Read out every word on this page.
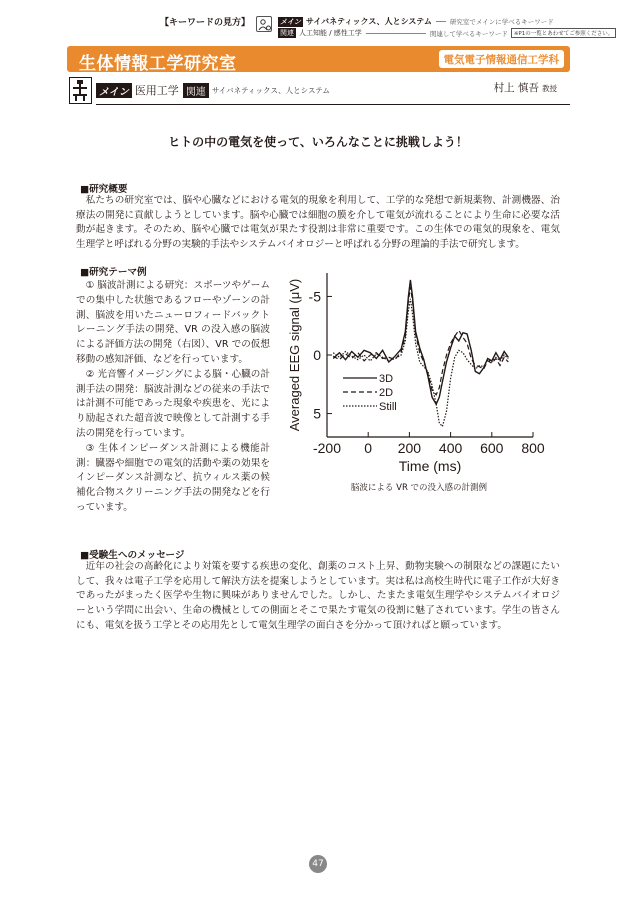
【キーワードの見方】	メイン サイバネティックス、人とシステム	研究室でメインに学べるキーワード
関連 人工知能 / 感性工学	関連して学べるキーワード	※P1の一覧とあわせてご参照ください。
生体情報工学研究室	電気電子情報通信工学科
メイン 医用工学 関連 サイバネティックス、人とシステム	村上 慎吾 教授
ヒトの中の電気を使って、いろんなことに挑戦しよう！
■研究概要
　私たちの研究室では、脳や心臓などにおける電気的現象を利用して、工学的な発想で新規薬物、計測機器、治療法の開発に貢献しようとしています。脳や心臓では細胞の膜を介して電気が流れることにより生命に必要な活動が起きます。そのため、脳や心臓では電気が果たす役割は非常に重要です。この生体での電気的現象を、電気生理学と呼ばれる分野の実験的手法やシステムバイオロジーと呼ばれる分野の理論的手法で研究します。
■研究テーマ例

① 脳波計測による研究：スポーツやゲームでの集中した状態であるフローやゾーンの計測、脳波を用いたニューロフィードバックトレーニング手法の開発、VR の没入感の脳波による評価方法の開発（右図）、VR での仮想移動の感知評価、などを行っています。

② 光音響イメージングによる脳・心臓の計測手法の開発：脳波計測などの従来の手法では計測不可能であった現象や疾患を、光により励起された超音波で映像として計測する手法の開発を行っています。

③ 生体インピーダンス計測による機能計測：臓器や細胞での電気的活動や薬の効果をインピーダンス計測など、抗ウィルス薬の候補化合物スクリーニング手法の開発などを行っています。

-5
0
5
-200 0 200 400 600 800
Time (ms)
Averaged EEG signal (μV)	3D
2D
Still
脳波による VR での没入感の計測例
■受験生へのメッセージ
　近年の社会の高齢化により対策を要する疾患の変化、創薬のコスト上昇、動物実験への制限などの課題にたいして、我々は電子工学を応用して解決方法を提案しようとしています。実は私は高校生時代に電子工作が大好きであったがまったく医学や生物に興味がありませんでした。しかし、たまたま電気生理学やシステムバイオロジーという学問に出会い、生命の機械としての側面とそこで果たす電気の役割に魅了されています。学生の皆さんにも、電気を扱う工学とその応用先として電気生理学の面白さを分かって頂ければと願っています。
47
